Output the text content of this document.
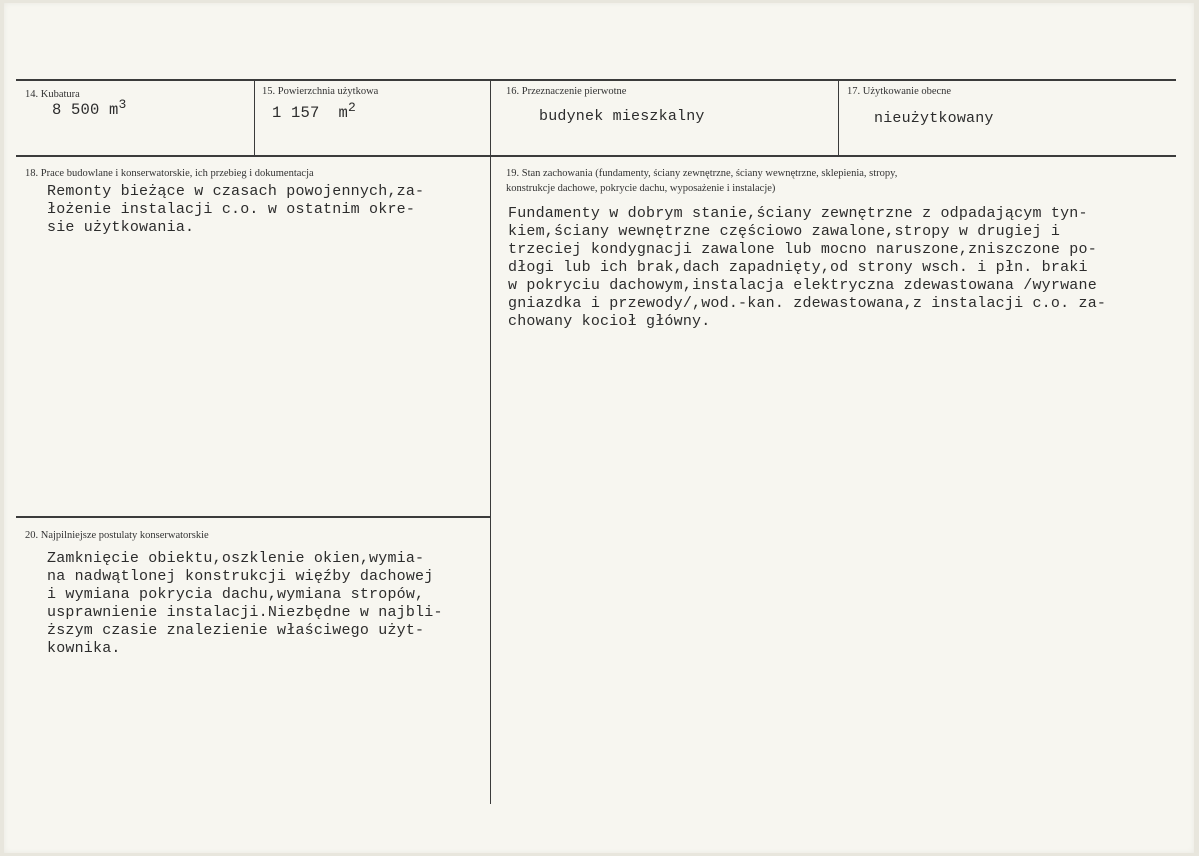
14. Kubatura
8 500 $m^3$
15. Powierzchnia użytkowa
1 157  $m^2$
16. Przeznaczenie pierwotne
budynek mieszkalny
17. Użytkowanie obecne
nieużytkowany
18. Prace budowlane i konserwatorskie, ich przebieg i dokumentacja
Remonty bieżące w czasach powojennych,za-
łożenie instalacji c.o. w ostatnim okre-
sie użytkowania.
19. Stan zachowania (fundamenty, ściany zewnętrzne, ściany wewnętrzne, sklepienia, stropy,
konstrukcje dachowe, pokrycie dachu, wyposażenie i instalacje)
Fundamenty w dobrym stanie,ściany zewnętrzne z odpadającym tyn-
kiem,ściany wewnętrzne częściowo zawalone,stropy w drugiej i
trzeciej kondygnacji zawalone lub mocno naruszone,zniszczone po-
dłogi lub ich brak,dach zapadnięty,od strony wsch. i płn. braki
w pokryciu dachowym,instalacja elektryczna zdewastowana /wyrwane
gniazdka i przewody/,wod.-kan. zdewastowana,z instalacji c.o. za-
chowany kocioł główny.
20. Najpilniejsze postulaty konserwatorskie
Zamknięcie obiektu,oszklenie okien,wymia-
na nadwątlonej konstrukcji więźby dachowej
i wymiana pokrycia dachu,wymiana stropów,
usprawnienie instalacji.Niezbędne w najbli-
ższym czasie znalezienie właściwego użyt-
kownika.
